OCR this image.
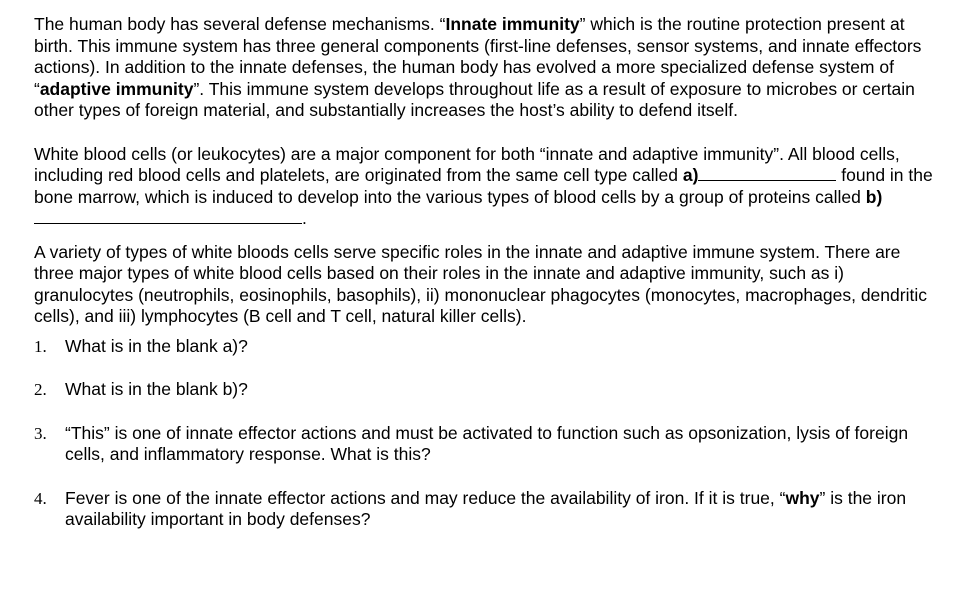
The human body has several defense mechanisms. “Innate immunity” which is the routine protection present at birth. This immune system has three general components (first-line defenses, sensor systems, and innate effectors actions). In addition to the innate defenses, the human body has evolved a more specialized defense system of “adaptive immunity”. This immune system develops throughout life as a result of exposure to microbes or certain other types of foreign material, and substantially increases the host’s ability to defend itself.

White blood cells (or leukocytes) are a major component for both “innate and adaptive immunity”. All blood cells, including red blood cells and platelets, are originated from the same cell type called a)	found in the bone marrow, which is induced to develop into the various types of blood cells by a group of proteins called b).

A variety of types of white bloods cells serve specific roles in the innate and adaptive immune system. There are three major types of white blood cells based on their roles in the innate and adaptive immunity, such as i) granulocytes (neutrophils, eosinophils, basophils), ii) mononuclear phagocytes (monocytes, macrophages, dendritic cells), and iii) lymphocytes (B cell and T cell, natural killer cells).

1.	What is in the blank a)?
2.	What is in the blank b)?
3.	“This” is one of innate effector actions and must be activated to function such as opsonization, lysis of foreign cells, and inflammatory response. What is this?
4.	Fever is one of the innate effector actions and may reduce the availability of iron. If it is true, “why” is the iron availability important in body defenses?
